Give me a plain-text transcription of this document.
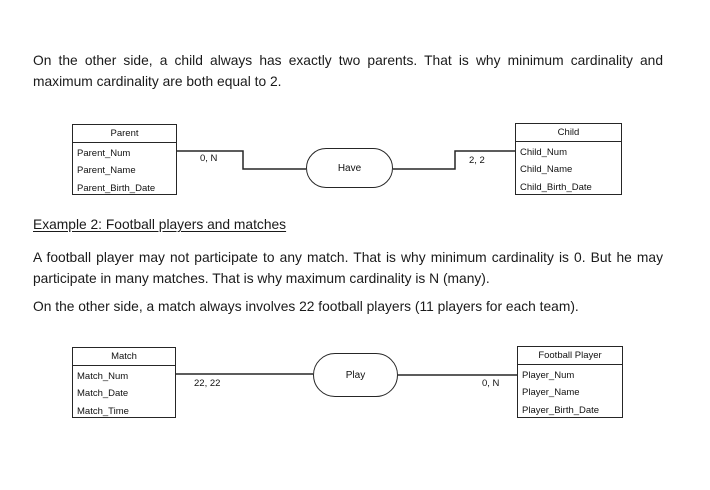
On the other side, a child always has exactly two parents. That is why minimum cardinality and maximum cardinality are both equal to 2.

Parent
Parent_Num
Parent_Name
Parent_Birth_Date
Have
Child
Child_Num
Child_Name
Child_Birth_Date
0, N	2, 2

Example 2: Football players and matches

A football player may not participate to any match. That is why minimum cardinality is 0. But he may participate in many matches. That is why maximum cardinality is N (many).

On the other side, a match always involves 22 football players (11 players for each team).

Match
Match_Num
Match_Date
Match_Time
Play
Football Player
Player_Num
Player_Name
Player_Birth_Date
22, 22	0, N
